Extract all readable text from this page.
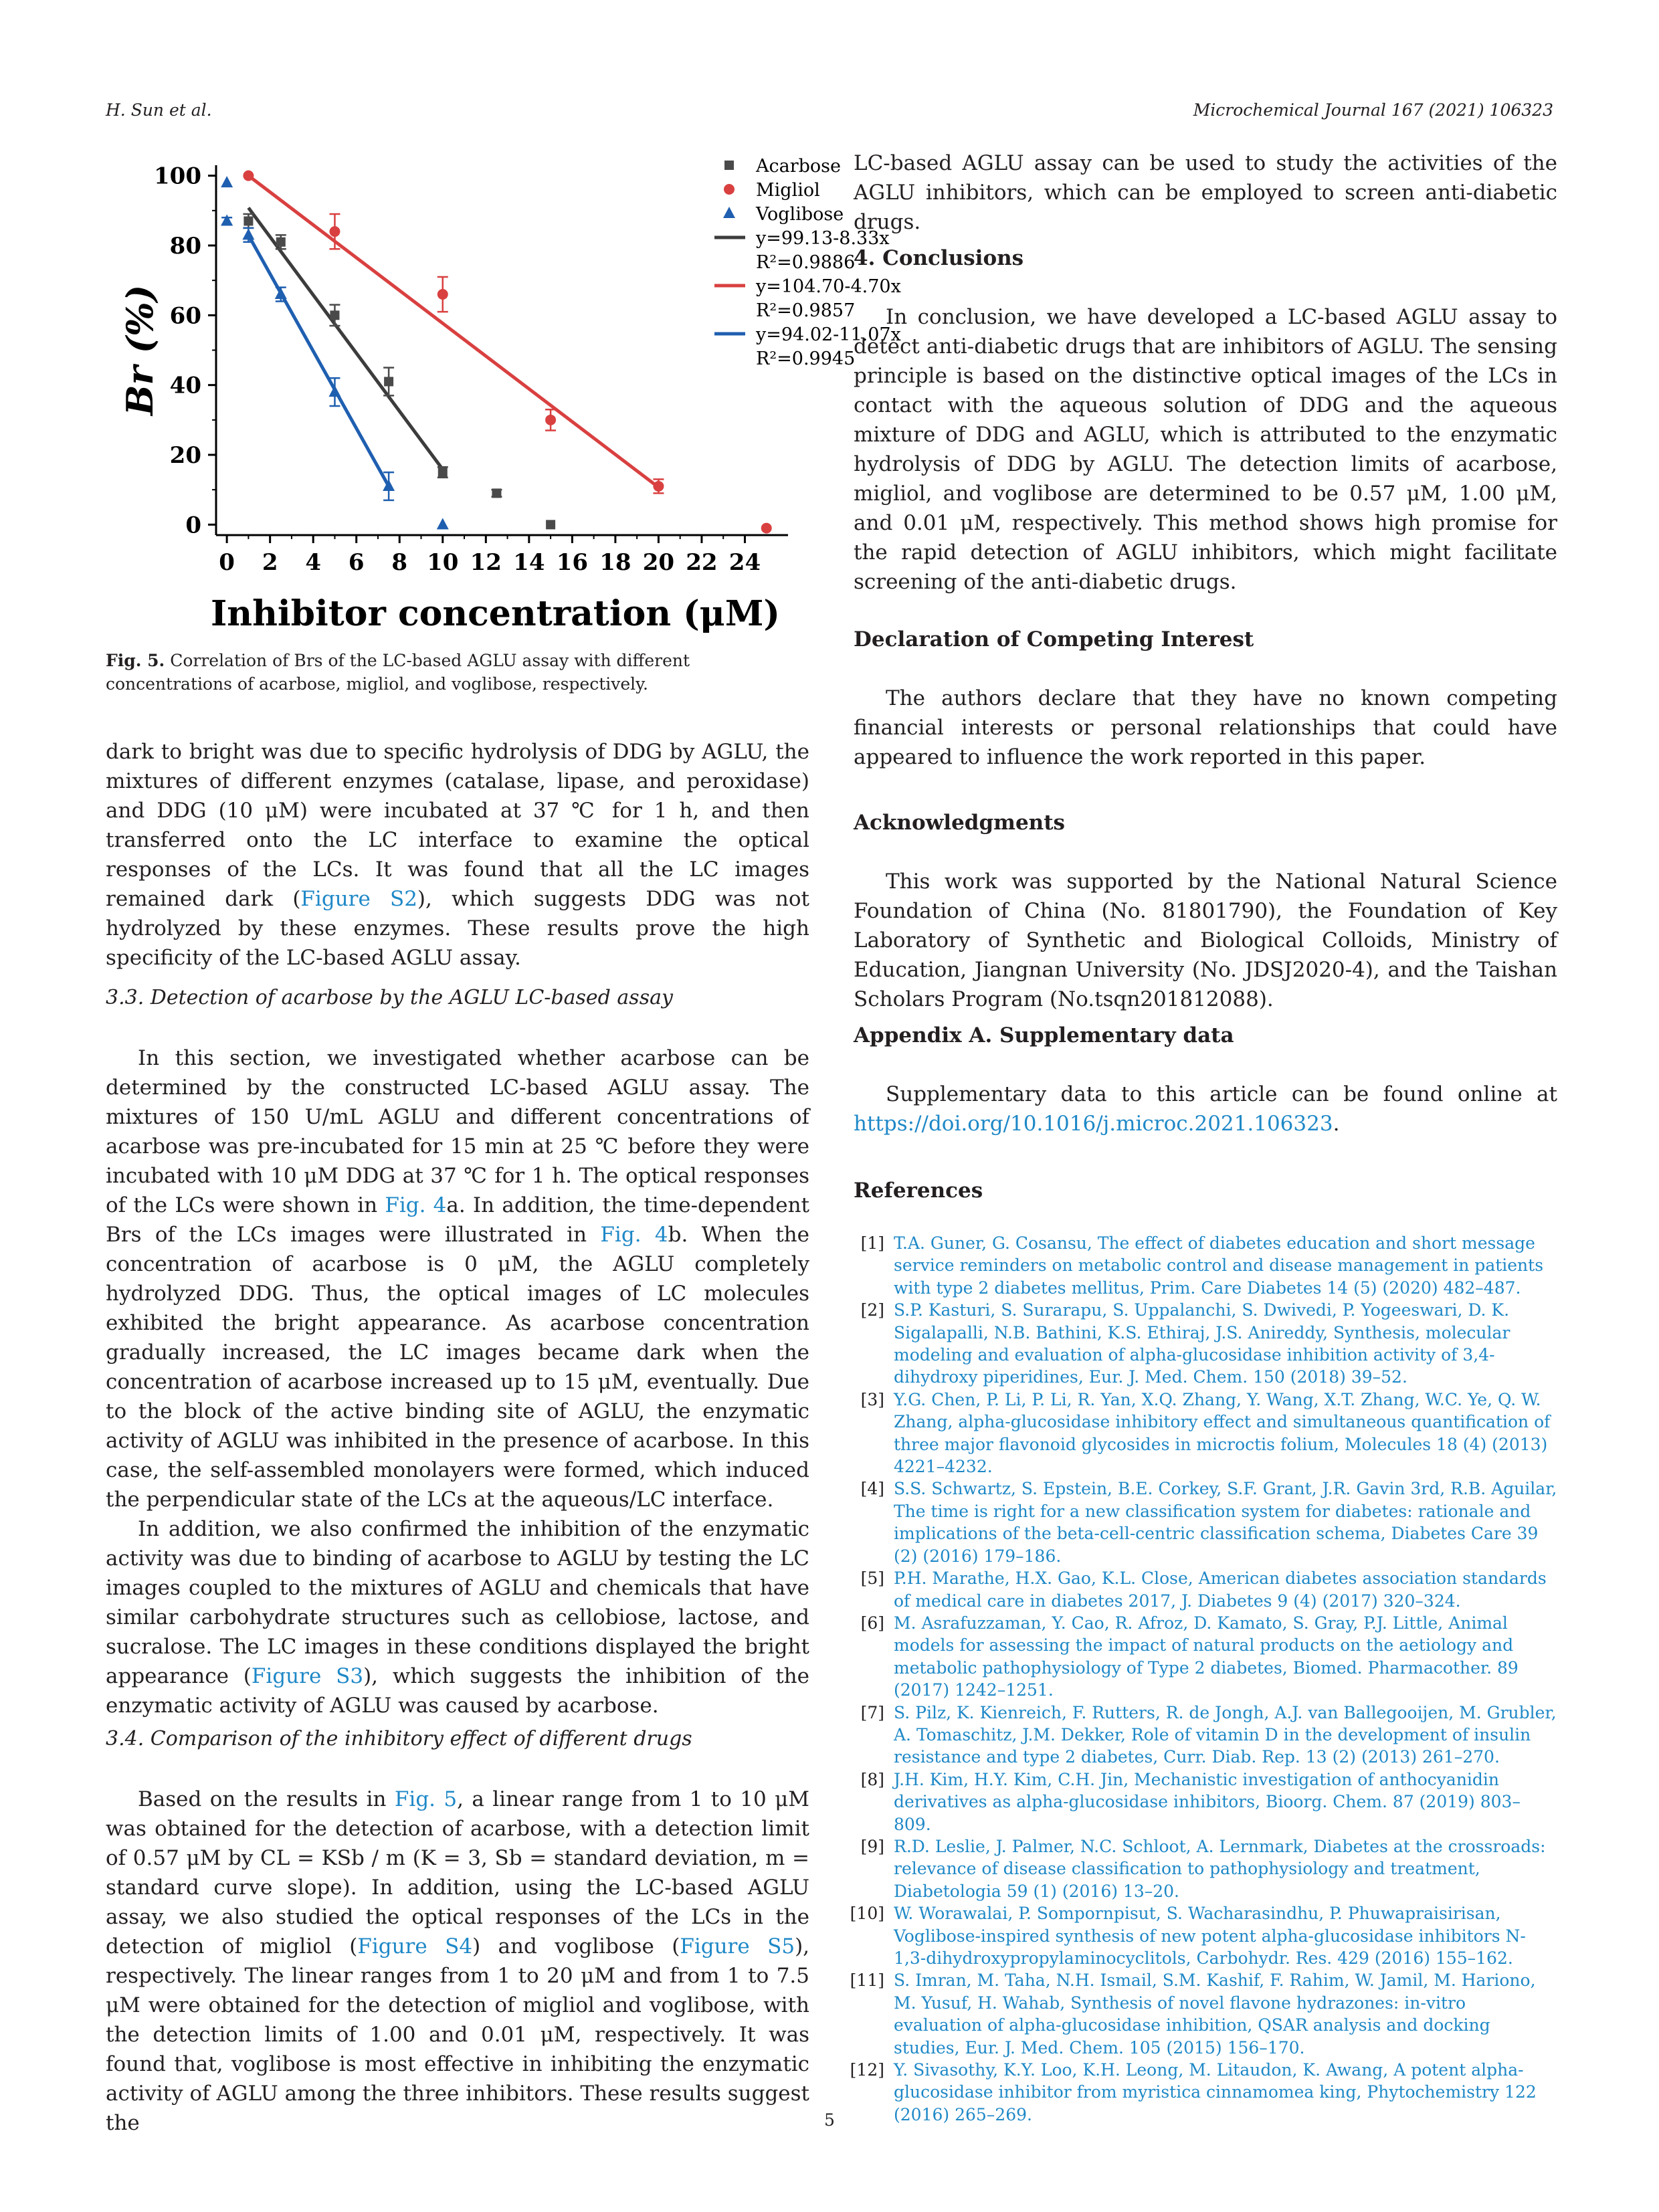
H. Sun et al.	Microchemical Journal 167 (2021) 106323
0 2 4 6 8 10 12 14 16 18 20 22 24
0
20
40
60
80
100
Inhibitor concentration (μM)
Br (%)
Acarbose
Migliol
Voglibose
y=99.13-8.33x
R²=0.9886
y=104.70-4.70x
R²=0.9857
y=94.02-11.07x
R²=0.9945

Fig. 5. Correlation of Brs of the LC-based AGLU assay with different concentrations of acarbose, migliol, and voglibose, respectively.

dark to bright was due to specific hydrolysis of DDG by AGLU, the mixtures of different enzymes (catalase, lipase, and peroxidase) and DDG (10 μM) were incubated at 37 ℃ for 1 h, and then transferred onto the LC interface to examine the optical responses of the LCs. It was found that all the LC images remained dark (Figure S2), which suggests DDG was not hydrolyzed by these enzymes. These results prove the high specificity of the LC-based AGLU assay.

3.3. Detection of acarbose by the AGLU LC-based assay

In this section, we investigated whether acarbose can be determined by the constructed LC-based AGLU assay. The mixtures of 150 U/mL AGLU and different concentrations of acarbose was pre-incubated for 15 min at 25 ℃ before they were incubated with 10 μM DDG at 37 ℃ for 1 h. The optical responses of the LCs were shown in Fig. 4a. In addition, the time-dependent Brs of the LCs images were illustrated in Fig. 4b. When the concentration of acarbose is 0 μM, the AGLU completely hydrolyzed DDG. Thus, the optical images of LC molecules exhibited the bright appearance. As acarbose concentration gradually increased, the LC images became dark when the concentration of acarbose increased up to 15 μM, eventually. Due to the block of the active binding site of AGLU, the enzymatic activity of AGLU was inhibited in the presence of acarbose. In this case, the self-assembled monolayers were formed, which induced the perpendicular state of the LCs at the aqueous/LC interface.

In addition, we also confirmed the inhibition of the enzymatic activity was due to binding of acarbose to AGLU by testing the LC images coupled to the mixtures of AGLU and chemicals that have similar carbohydrate structures such as cellobiose, lactose, and sucralose. The LC images in these conditions displayed the bright appearance (Figure S3), which suggests the inhibition of the enzymatic activity of AGLU was caused by acarbose.

3.4. Comparison of the inhibitory effect of different drugs

Based on the results in Fig. 5, a linear range from 1 to 10 μM was obtained for the detection of acarbose, with a detection limit of 0.57 μM by CL = KSb / m (K = 3, Sb = standard deviation, m = standard curve slope). In addition, using the LC-based AGLU assay, we also studied the optical responses of the LCs in the detection of migliol (Figure S4) and voglibose (Figure S5), respectively. The linear ranges from 1 to 20 μM and from 1 to 7.5 μM were obtained for the detection of migliol and voglibose, with the detection limits of 1.00 and 0.01 μM, respectively. It was found that, voglibose is most effective in inhibiting the enzymatic activity of AGLU among the three inhibitors. These results suggest the

LC-based AGLU assay can be used to study the activities of the AGLU inhibitors, which can be employed to screen anti-diabetic drugs.

4. Conclusions

In conclusion, we have developed a LC-based AGLU assay to detect anti-diabetic drugs that are inhibitors of AGLU. The sensing principle is based on the distinctive optical images of the LCs in contact with the aqueous solution of DDG and the aqueous mixture of DDG and AGLU, which is attributed to the enzymatic hydrolysis of DDG by AGLU. The detection limits of acarbose, migliol, and voglibose are determined to be 0.57 μM, 1.00 μM, and 0.01 μM, respectively. This method shows high promise for the rapid detection of AGLU inhibitors, which might facilitate screening of the anti-diabetic drugs.

Declaration of Competing Interest

The authors declare that they have no known competing financial interests or personal relationships that could have appeared to influence the work reported in this paper.

Acknowledgments

This work was supported by the National Natural Science Foundation of China (No. 81801790), the Foundation of Key Laboratory of Synthetic and Biological Colloids, Ministry of Education, Jiangnan University (No. JDSJ2020-4), and the Taishan Scholars Program (No.tsqn201812088).

Appendix A. Supplementary data

Supplementary data to this article can be found online at https://doi.org/10.1016/j.microc.2021.106323.

References

[1] T.A. Guner, G. Cosansu, The effect of diabetes education and short message service reminders on metabolic control and disease management in patients with type 2 diabetes mellitus, Prim. Care Diabetes 14 (5) (2020) 482–487.
[2] S.P. Kasturi, S. Surarapu, S. Uppalanchi, S. Dwivedi, P. Yogeeswari, D. K. Sigalapalli, N.B. Bathini, K.S. Ethiraj, J.S. Anireddy, Synthesis, molecular modeling and evaluation of alpha-glucosidase inhibition activity of 3,4-dihydroxy piperidines, Eur. J. Med. Chem. 150 (2018) 39–52.
[3] Y.G. Chen, P. Li, P. Li, R. Yan, X.Q. Zhang, Y. Wang, X.T. Zhang, W.C. Ye, Q. W. Zhang, alpha-glucosidase inhibitory effect and simultaneous quantification of three major flavonoid glycosides in microctis folium, Molecules 18 (4) (2013) 4221–4232.
[4] S.S. Schwartz, S. Epstein, B.E. Corkey, S.F. Grant, J.R. Gavin 3rd, R.B. Aguilar, The time is right for a new classification system for diabetes: rationale and implications of the beta-cell-centric classification schema, Diabetes Care 39 (2) (2016) 179–186.
[5] P.H. Marathe, H.X. Gao, K.L. Close, American diabetes association standards of medical care in diabetes 2017, J. Diabetes 9 (4) (2017) 320–324.
[6] M. Asrafuzzaman, Y. Cao, R. Afroz, D. Kamato, S. Gray, P.J. Little, Animal models for assessing the impact of natural products on the aetiology and metabolic pathophysiology of Type 2 diabetes, Biomed. Pharmacother. 89 (2017) 1242–1251.
[7] S. Pilz, K. Kienreich, F. Rutters, R. de Jongh, A.J. van Ballegooijen, M. Grubler, A. Tomaschitz, J.M. Dekker, Role of vitamin D in the development of insulin resistance and type 2 diabetes, Curr. Diab. Rep. 13 (2) (2013) 261–270.
[8] J.H. Kim, H.Y. Kim, C.H. Jin, Mechanistic investigation of anthocyanidin derivatives as alpha-glucosidase inhibitors, Bioorg. Chem. 87 (2019) 803–809.
[9] R.D. Leslie, J. Palmer, N.C. Schloot, A. Lernmark, Diabetes at the crossroads: relevance of disease classification to pathophysiology and treatment, Diabetologia 59 (1) (2016) 13–20.
[10] W. Worawalai, P. Sompornpisut, S. Wacharasindhu, P. Phuwapraisirisan, Voglibose-inspired synthesis of new potent alpha-glucosidase inhibitors N-1,3-dihydroxypropylaminocyclitols, Carbohydr. Res. 429 (2016) 155–162.
[11] S. Imran, M. Taha, N.H. Ismail, S.M. Kashif, F. Rahim, W. Jamil, M. Hariono, M. Yusuf, H. Wahab, Synthesis of novel flavone hydrazones: in-vitro evaluation of alpha-glucosidase inhibition, QSAR analysis and docking studies, Eur. J. Med. Chem. 105 (2015) 156–170.
[12] Y. Sivasothy, K.Y. Loo, K.H. Leong, M. Litaudon, K. Awang, A potent alpha-glucosidase inhibitor from myristica cinnamomea king, Phytochemistry 122 (2016) 265–269.
5
